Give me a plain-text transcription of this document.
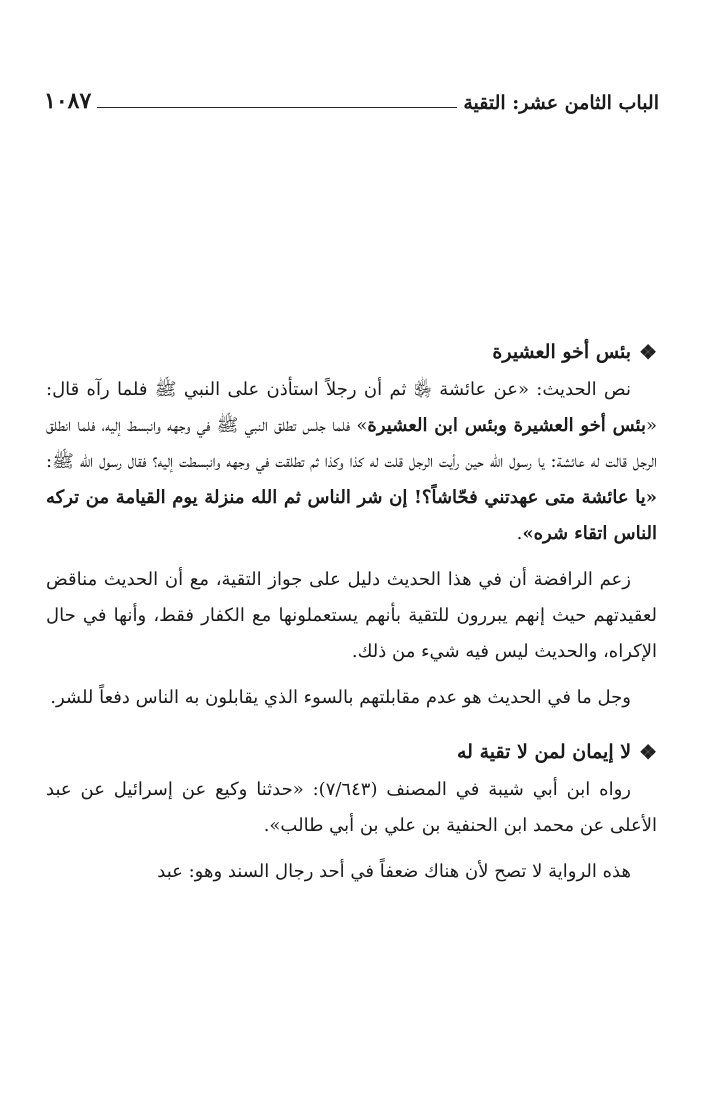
١٠٨٧	الباب الثامن عشر: التقية
❖
بئس أخو العشيرة

نص الحديث: «عن عائشة ﵂ ثم أن رجلاً استأذن على النبي ﷺ فلما رآه قال: «بئس أخو العشيرة وبئس ابن العشيرة» فلما جلس تطلق النبي ﷺ في وجهه وانبسط إليه، فلما انطلق الرجل قالت له عائشة: يا رسول الله حين رأيت الرجل قلت له كذا وكذا ثم تطلقت في وجهه وانبسطت إليه؟ فقال رسول الله ﷺ: «يا عائشة متى عهدتني فحّاشاً؟! إن شر الناس ثم الله منزلة يوم القيامة من تركه الناس اتقاء شره».

زعم الرافضة أن في هذا الحديث دليل على جواز التقية، مع أن الحديث مناقض لعقيدتهم حيث إنهم يبررون للتقية بأنهم يستعملونها مع الكفار فقط، وأنها في حال الإكراه، والحديث ليس فيه شيء من ذلك.

وجل ما في الحديث هو عدم مقابلتهم بالسوء الذي يقابلون به الناس دفعاً للشر.

❖
لا إيمان لمن لا تقية له

رواه ابن أبي شيبة في المصنف (٧/٦٤٣): «حدثنا وكيع عن إسرائيل عن عبد الأعلى عن محمد ابن الحنفية بن علي بن أبي طالب».

هذه الرواية لا تصح لأن هناك ضعفاً في أحد رجال السند وهو: عبد
